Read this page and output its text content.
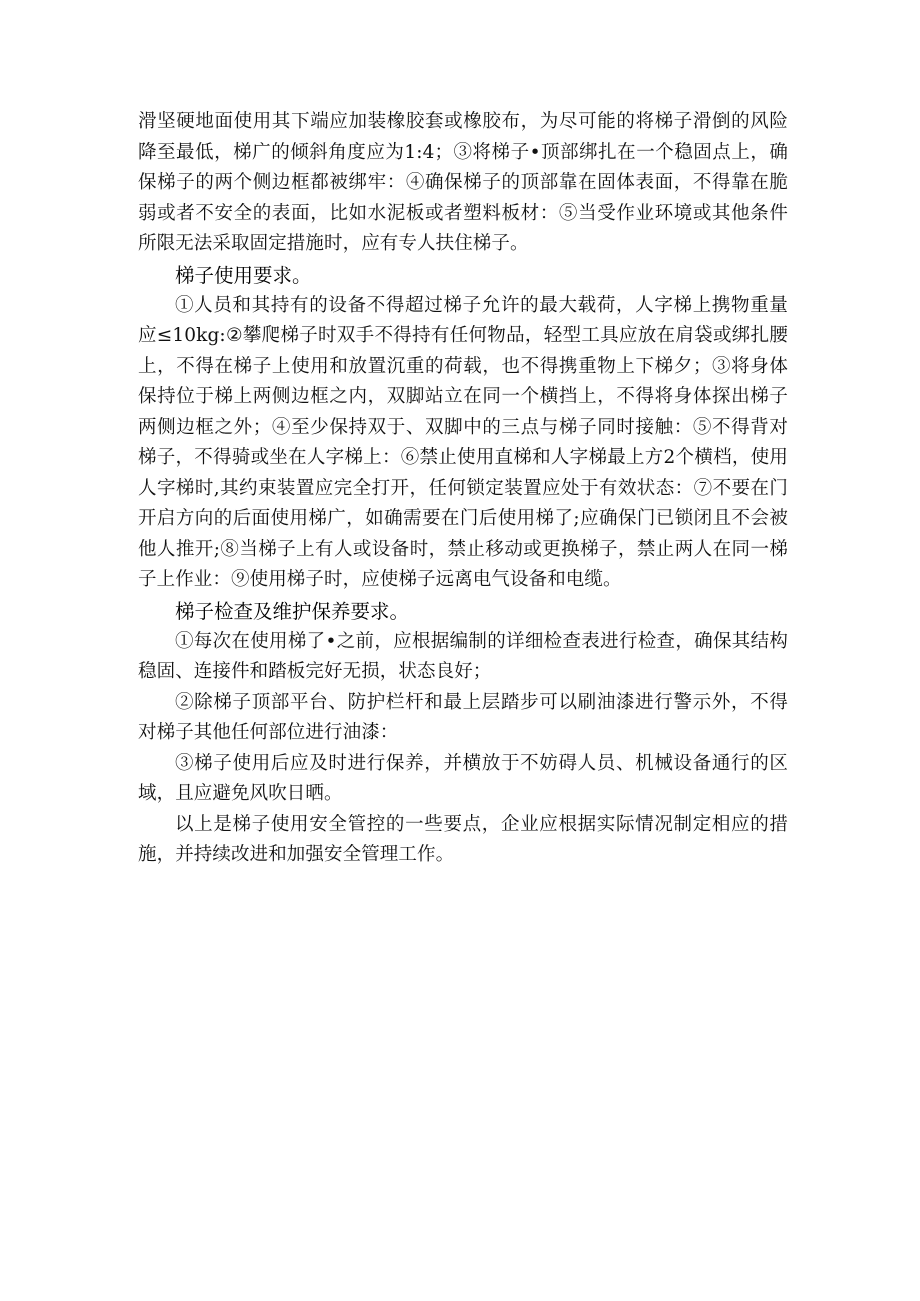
滑坚硬地面使用其下端应加装橡胶套或橡胶布，为尽可能的将梯子滑倒的风险降至最低，梯广的倾斜角度应为1:4；③将梯子•顶部绑扎在一个稳固点上，确保梯子的两个侧边框都被绑牢：④确保梯子的顶部靠在固体表面，不得靠在脆弱或者不安全的表面，比如水泥板或者塑料板材：⑤当受作业环境或其他条件所限无法采取固定措施时，应有专人扶住梯子。

梯子使用要求。

①人员和其持有的设备不得超过梯子允许的最大载荷，人字梯上携物重量应≤10kg:②攀爬梯子时双手不得持有任何物品，轻型工具应放在肩袋或绑扎腰上，不得在梯子上使用和放置沉重的荷载，也不得携重物上下梯夕；③将身体保持位于梯上两侧边框之内，双脚站立在同一个横挡上，不得将身体探出梯子两侧边框之外；④至少保持双于、双脚中的三点与梯子同时接触：⑤不得背对梯子，不得骑或坐在人字梯上：⑥禁止使用直梯和人字梯最上方2个横档，使用人字梯时,其约束装置应完全打开，任何锁定装置应处于有效状态：⑦不要在门开启方向的后面使用梯广，如确需要在门后使用梯了;应确保门已锁闭且不会被他人推开;⑧当梯子上有人或设备时，禁止移动或更换梯子，禁止两人在同一梯子上作业：⑨使用梯子时，应使梯子远离电气设备和电缆。

梯子检查及维护保养要求。

①每次在使用梯了•之前，应根据编制的详细检查表进行检查，确保其结构稳固、连接件和踏板完好无损，状态良好；

②除梯子顶部平台、防护栏杆和最上层踏步可以刷油漆进行警示外，不得对梯子其他任何部位进行油漆：

③梯子使用后应及时进行保养，并横放于不妨碍人员、机械设备通行的区域，且应避免风吹日晒。

以上是梯子使用安全管控的一些要点，企业应根据实际情况制定相应的措施，并持续改进和加强安全管理工作。
